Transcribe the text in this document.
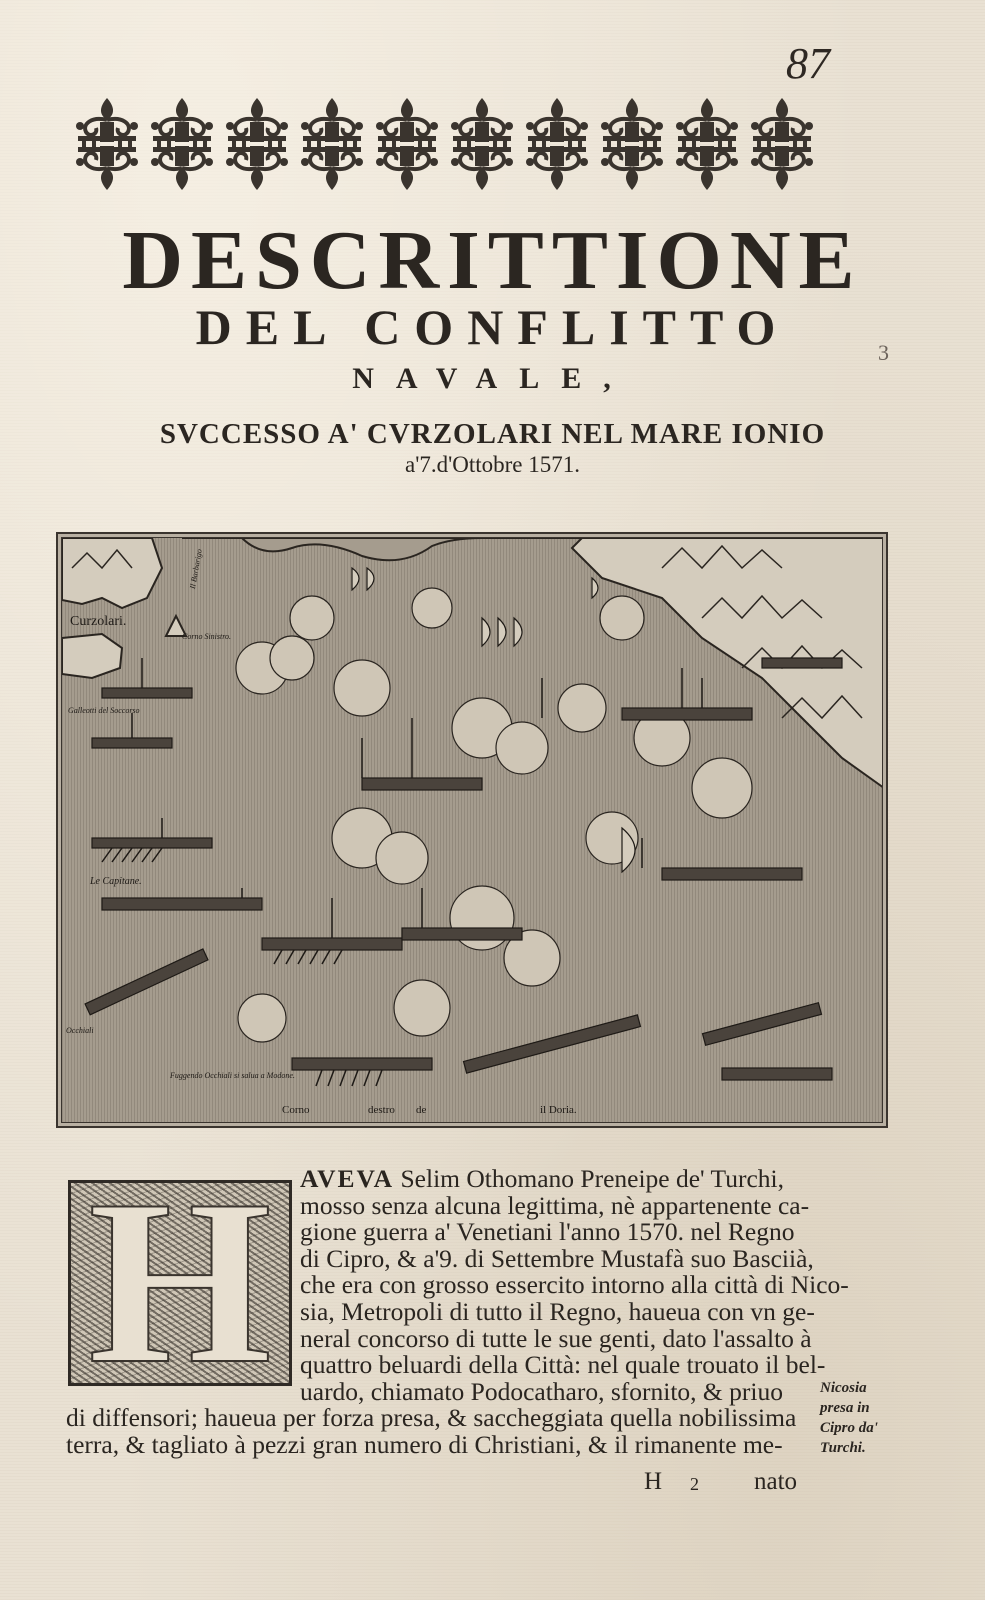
87
DESCRITTIONE
DEL CONFLITTO
NAVALE,
SVCCESSO A' CVRZOLARI NEL MARE IONIO
a'7.d'Ottobre 1571.
3
Curzolari.
Corno Sinistro.
Il Barbarigo
Galleotti del Soccorso
Le Capitane.
Occhiali
Fuggendo Occhiali si salua a Modone.
Corno	destro de	il Doria.
H	AVEVA Selim Othomano Preneipe de' Turchi,
mosso senza alcuna legittima, nè appartenente ca-
gione guerra a' Venetiani l'anno 1570. nel Regno
di Cipro, & a'9. di Settembre Mustafà suo Basciià,
che era con grosso essercito intorno alla città di Nico-
sia, Metropoli di tutto il Regno, haueua con vn ge-
neral concorso di tutte le sue genti, dato l'assalto à
quattro beluardi della Città: nel quale trouato il bel-
uardo, chiamato Podocatharo, sfornito, & priuo
di diffensori; haueua per forza presa, & saccheggiata quella nobilissima
terra, & tagliato à pezzi gran numero di Christiani, & il rimanente me-
Nicosia
presa in
Cipro da'
Turchi.
H 2 nato
